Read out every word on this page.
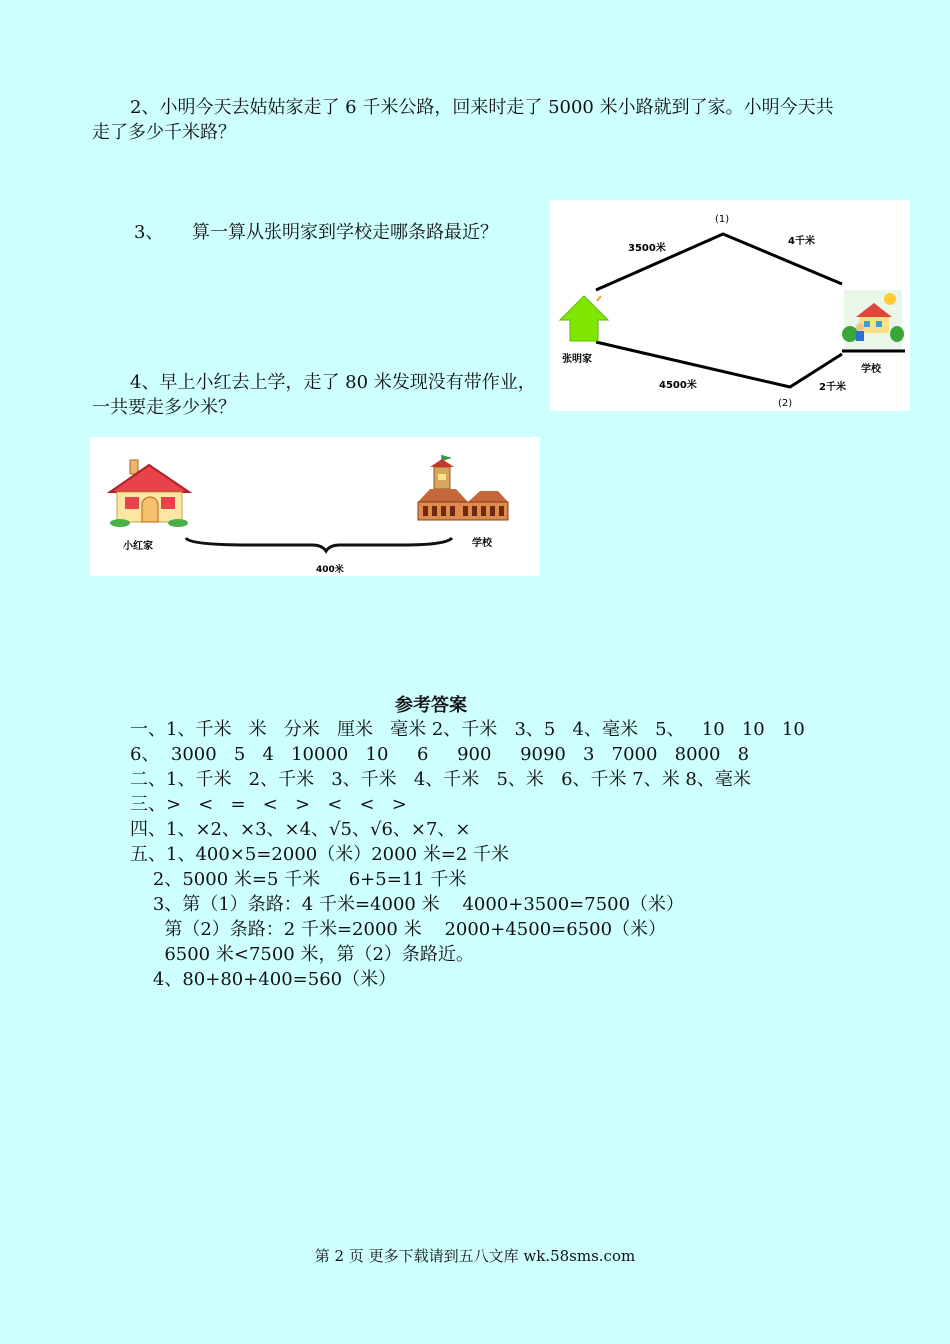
2、小明今天去姑姑家走了 6 千米公路，回来时走了 5000 米小路就到了家。小明今天共
走了多少千米路？
3、 算一算从张明家到学校走哪条路最近？
4、早上小红去上学，走了 80 米发现没有带作业，
一共要走多少米？
(1)
3500米
4千米
张明家
学校
4500米	2千米
(2)
小红家	学校
400米
参考答案
一、1、千米   米   分米   厘米   毫米 2、千米   3、5   4、毫米   5、   10   10   10
6、  3000   5   4   10000   10     6     900     9090   3   7000   8000   8
二、1、千米   2、千米   3、千米   4、千米   5、米   6、千米 7、米 8、毫米
三、>   <   =   <   >   <   <   >
四、1、×2、×3、×4、√5、√6、×7、×
五、1、400×5=2000（米）2000 米=2 千米
2、5000 米=5 千米     6+5=11 千米
3、第（1）条路：4 千米=4000 米    4000+3500=7500（米）
第（2）条路：2 千米=2000 米    2000+4500=6500（米）
6500 米<7500 米，第（2）条路近。
4、80+80+400=560（米）
第 2 页 更多下载请到五八文库 wk.58sms.com
